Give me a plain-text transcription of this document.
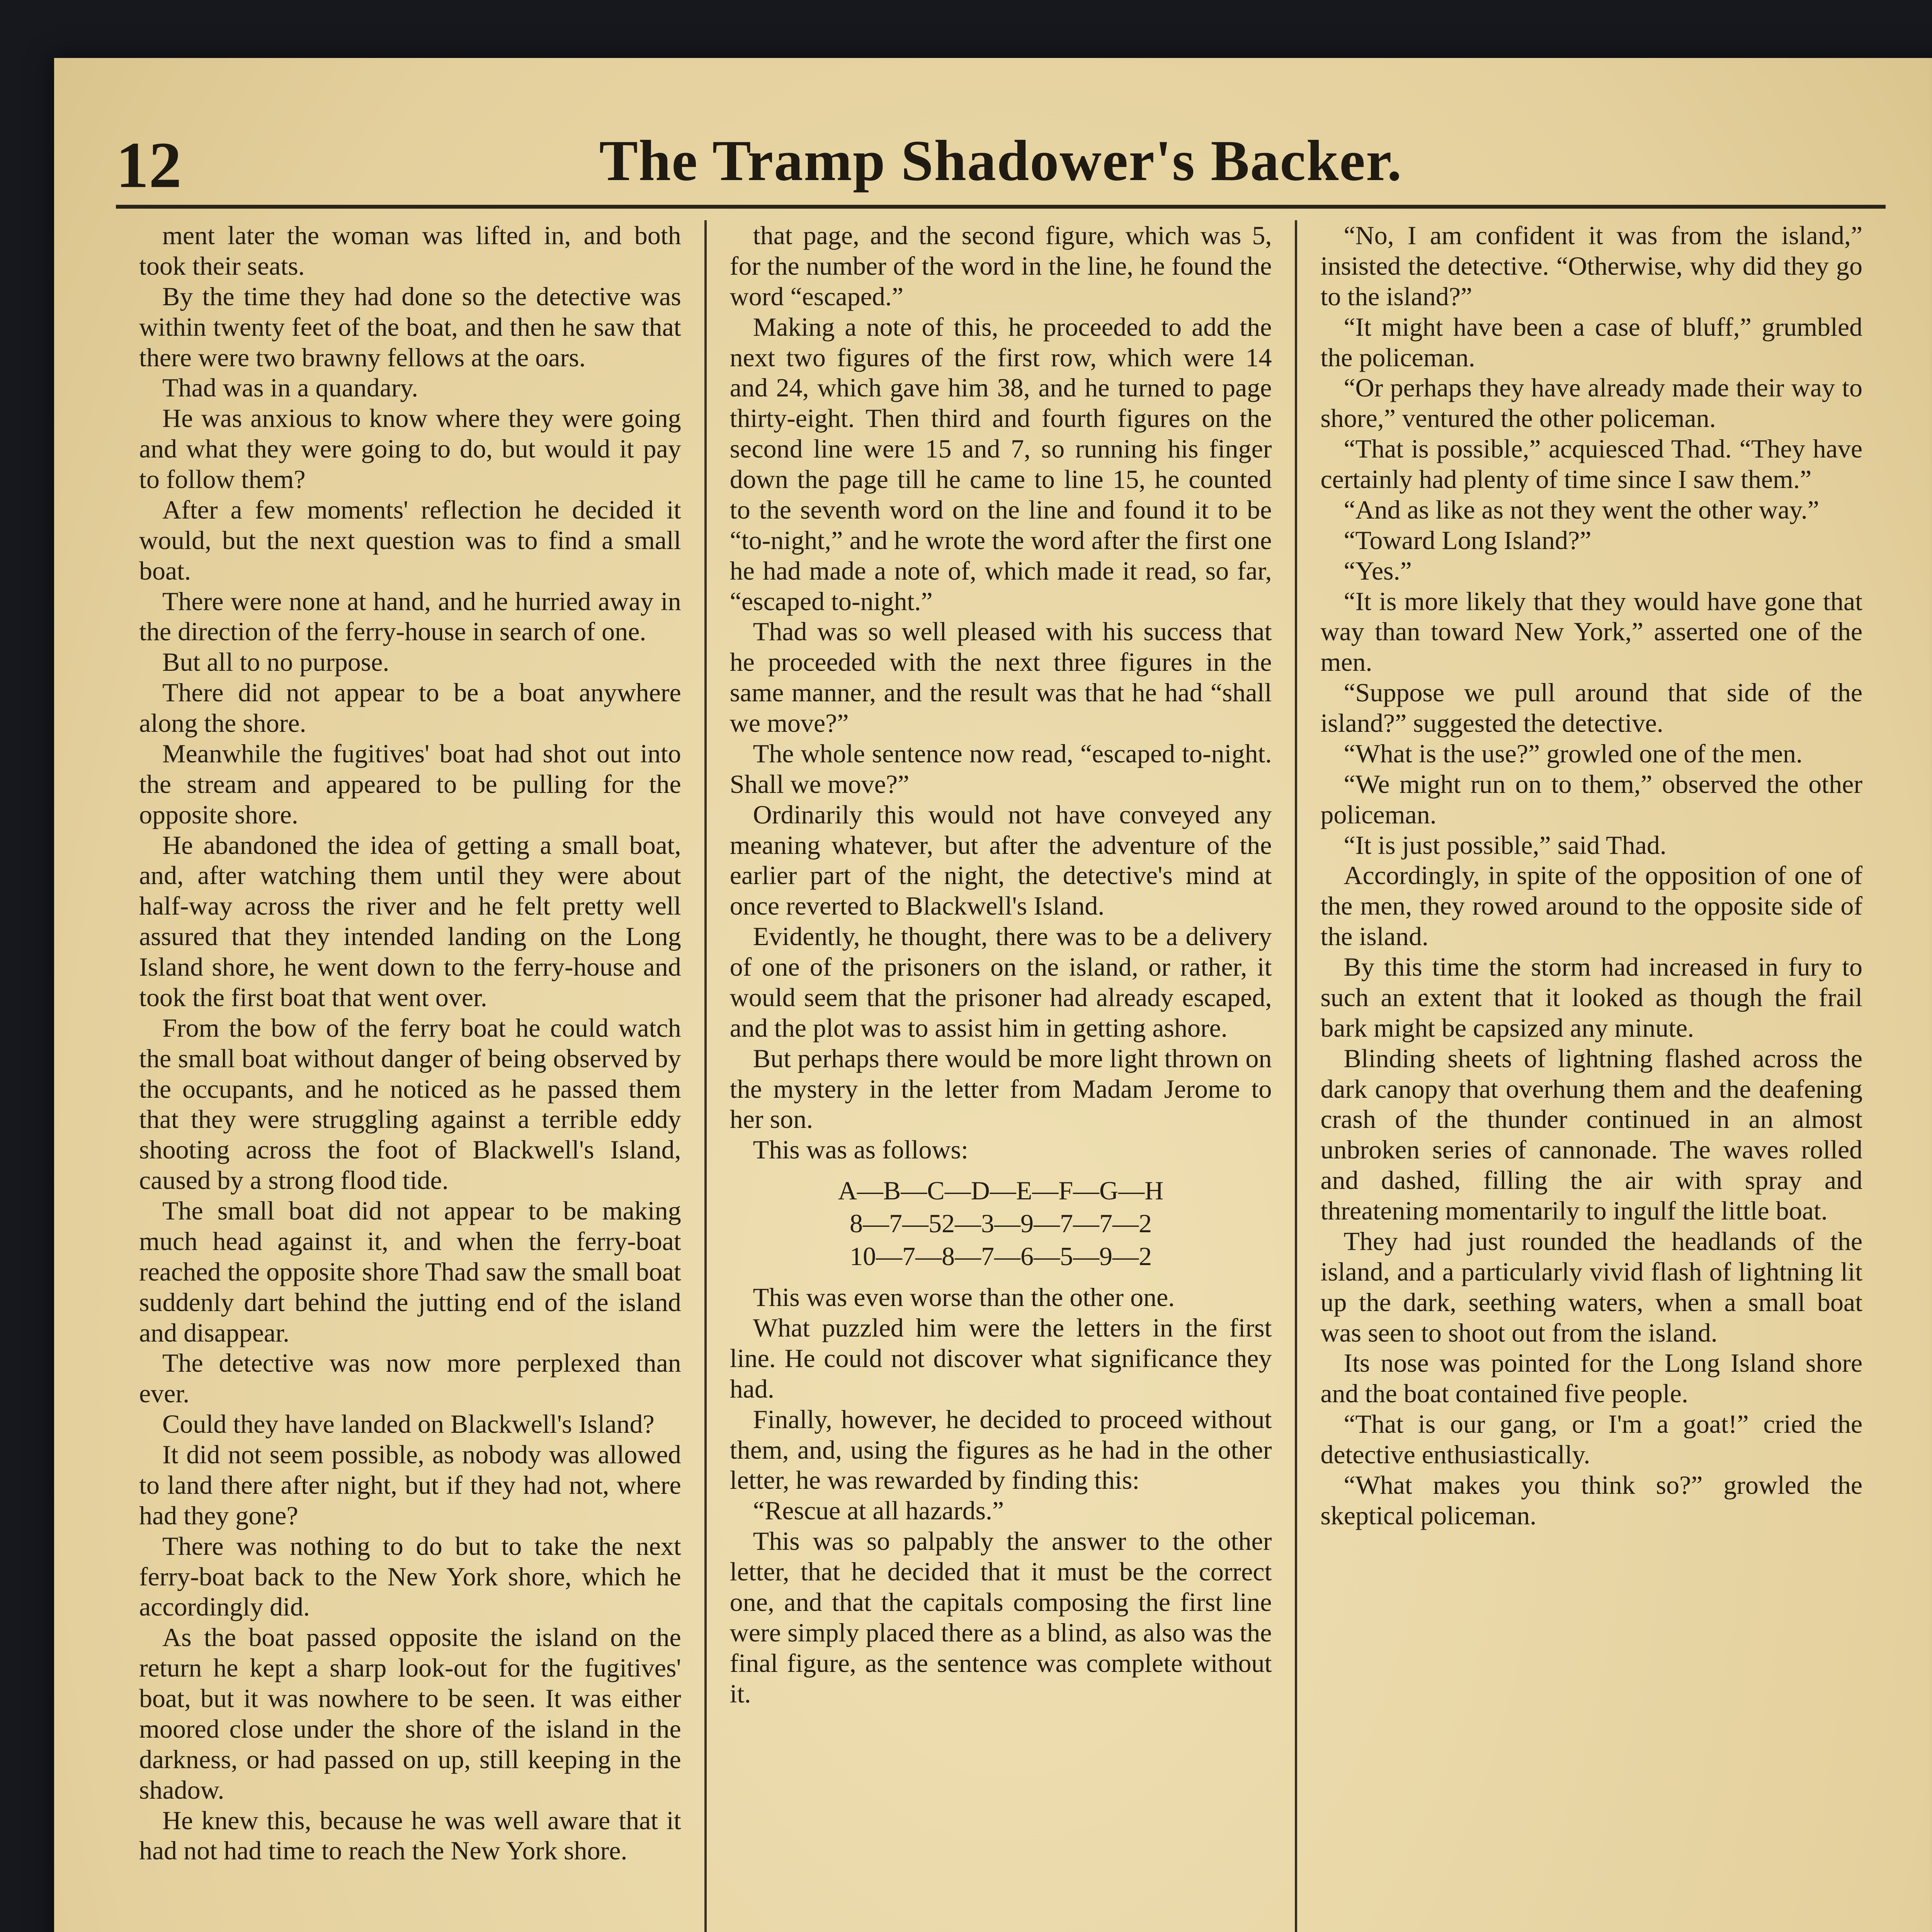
12	The Tramp Shadower's Backer.

ment later the woman was lifted in, and both took their seats.

By the time they had done so the detective was within twenty feet of the boat, and then he saw that there were two brawny fellows at the oars.

Thad was in a quandary.

He was anxious to know where they were going and what they were going to do, but would it pay to follow them?

After a few moments' reflection he decided it would, but the next question was to find a small boat.

There were none at hand, and he hurried away in the direction of the ferry-house in search of one.

But all to no purpose.

There did not appear to be a boat anywhere along the shore.

Meanwhile the fugitives' boat had shot out into the stream and appeared to be pulling for the opposite shore.

He abandoned the idea of getting a small boat, and, after watching them until they were about half-way across the river and he felt pretty well assured that they intended landing on the Long Island shore, he went down to the ferry-house and took the first boat that went over.

From the bow of the ferry boat he could watch the small boat without danger of being observed by the occupants, and he noticed as he passed them that they were struggling against a terrible eddy shooting across the foot of Blackwell's Island, caused by a strong flood tide.

The small boat did not appear to be making much head against it, and when the ferry-boat reached the opposite shore Thad saw the small boat suddenly dart behind the jutting end of the island and disappear.

The detective was now more perplexed than ever.

Could they have landed on Blackwell's Island?

It did not seem possible, as nobody was allowed to land there after night, but if they had not, where had they gone?

There was nothing to do but to take the next ferry-boat back to the New York shore, which he accordingly did.

As the boat passed opposite the island on the return he kept a sharp look-out for the fugitives' boat, but it was nowhere to be seen. It was either moored close under the shore of the island in the darkness, or had passed on up, still keeping in the shadow.

He knew this, because he was well aware that it had not had time to reach the New York shore.

that page, and the second figure, which was 5, for the number of the word in the line, he found the word “escaped.”

Making a note of this, he proceeded to add the next two figures of the first row, which were 14 and 24, which gave him 38, and he turned to page thirty-eight. Then third and fourth figures on the second line were 15 and 7, so running his finger down the page till he came to line 15, he counted to the seventh word on the line and found it to be “to-night,” and he wrote the word after the first one he had made a note of, which made it read, so far, “escaped to-night.”

Thad was so well pleased with his success that he proceeded with the next three figures in the same manner, and the result was that he had “shall we move?”

The whole sentence now read, “escaped to-night. Shall we move?”

Ordinarily this would not have conveyed any meaning whatever, but after the adventure of the earlier part of the night, the detective's mind at once reverted to Blackwell's Island.

Evidently, he thought, there was to be a delivery of one of the prisoners on the island, or rather, it would seem that the prisoner had already escaped, and the plot was to assist him in getting ashore.

But perhaps there would be more light thrown on the mystery in the letter from Madam Jerome to her son.

This was as follows:

A—B—C—D—E—F—G—H
8—7—52—3—9—7—7—2
10—7—8—7—6—5—9—2

This was even worse than the other one.

What puzzled him were the letters in the first line. He could not discover what significance they had.

Finally, however, he decided to proceed without them, and, using the figures as he had in the other letter, he was rewarded by finding this:

“Rescue at all hazards.”

This was so palpably the answer to the other letter, that he decided that it must be the correct one, and that the capitals composing the first line were simply placed there as a blind, as also was the final figure, as the sentence was complete without it.

“No, I am confident it was from the island,” insisted the detective. “Otherwise, why did they go to the island?”

“It might have been a case of bluff,” grumbled the policeman.

“Or perhaps they have already made their way to shore,” ventured the other policeman.

“That is possible,” acquiesced Thad. “They have certainly had plenty of time since I saw them.”

“And as like as not they went the other way.”

“Toward Long Island?”

“Yes.”

“It is more likely that they would have gone that way than toward New York,” asserted one of the men.

“Suppose we pull around that side of the island?” suggested the detective.

“What is the use?” growled one of the men.

“We might run on to them,” observed the other policeman.

“It is just possible,” said Thad.

Accordingly, in spite of the opposition of one of the men, they rowed around to the opposite side of the island.

By this time the storm had increased in fury to such an extent that it looked as though the frail bark might be capsized any minute.

Blinding sheets of lightning flashed across the dark canopy that overhung them and the deafening crash of the thunder continued in an almost unbroken series of cannonade. The waves rolled and dashed, filling the air with spray and threatening momentarily to ingulf the little boat.

They had just rounded the headlands of the island, and a particularly vivid flash of lightning lit up the dark, seething waters, when a small boat was seen to shoot out from the island.

Its nose was pointed for the Long Island shore and the boat contained five people.

“That is our gang, or I'm a goat!” cried the detective enthusiastically.

“What makes you think so?” growled the skeptical policeman.
